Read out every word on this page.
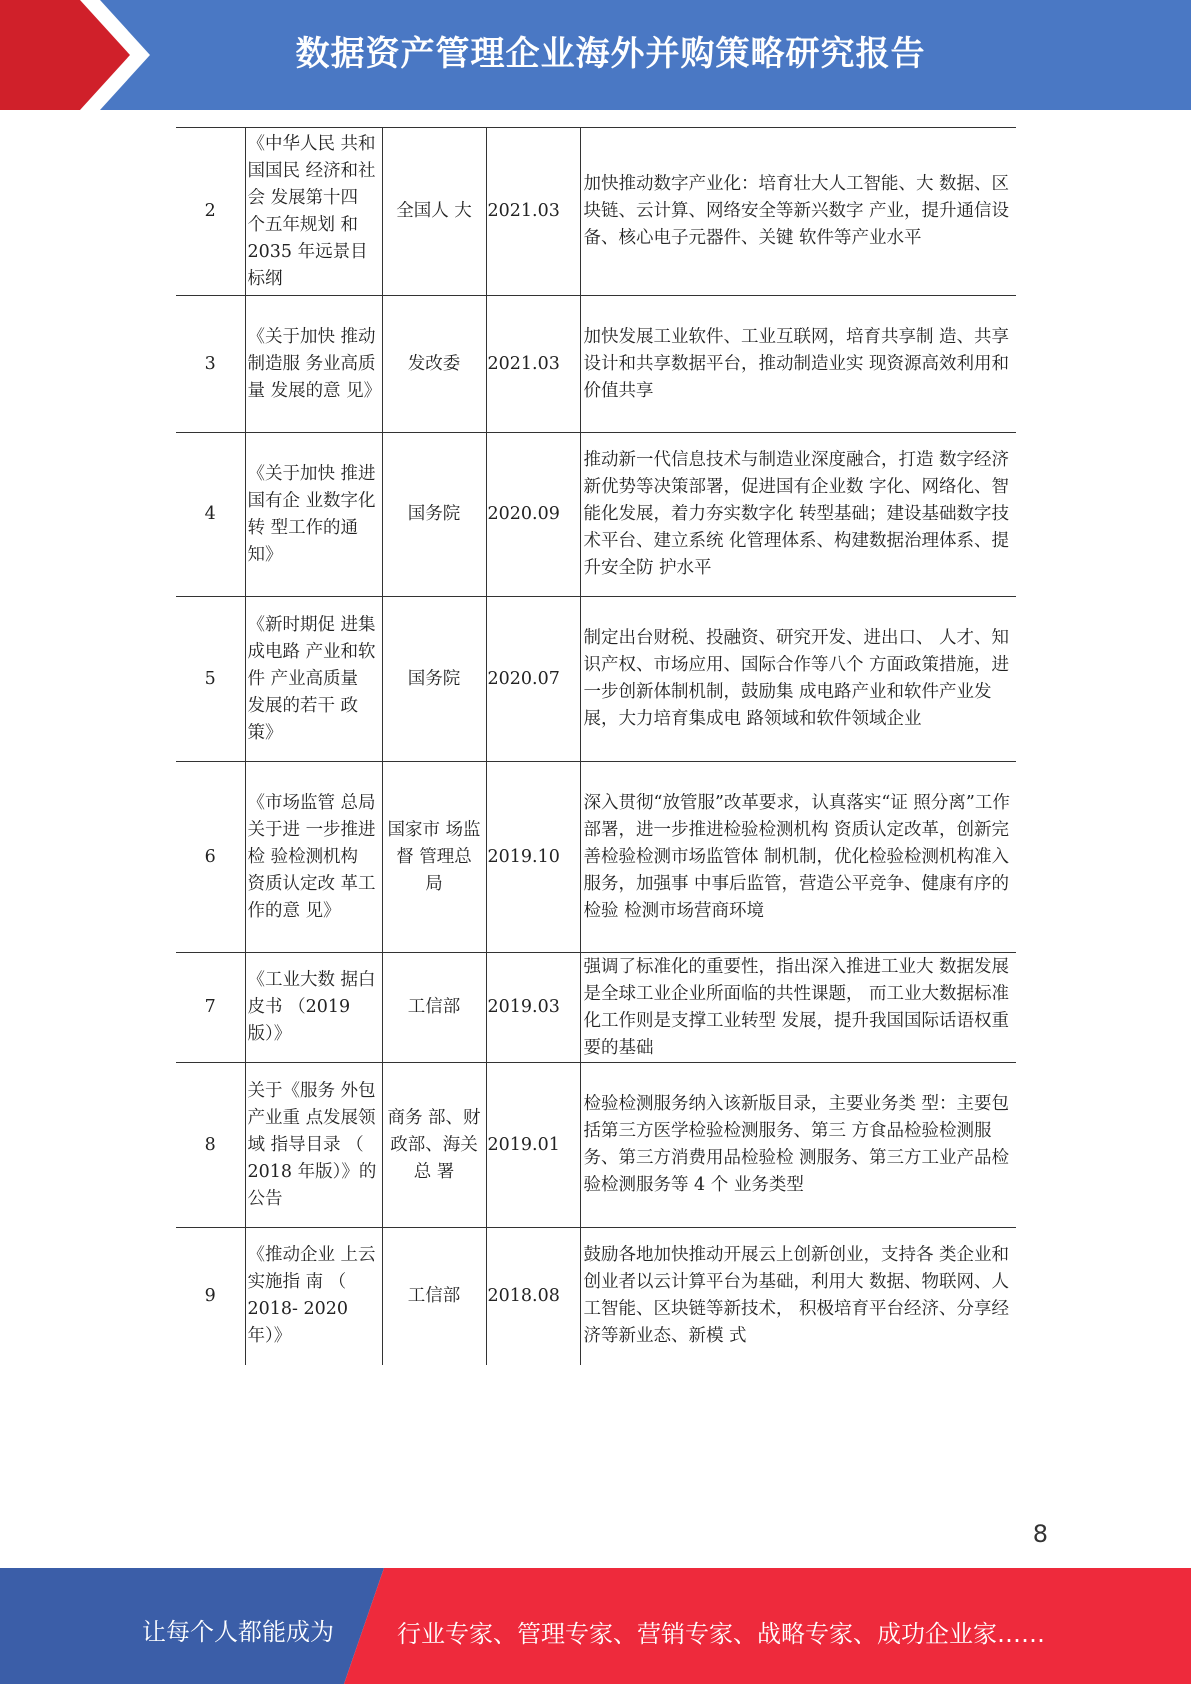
数据资产管理企业海外并购策略研究报告
2	《中华人民 共和国国民 经济和社会 发展第十四 个五年规划 和 2035 年远景目标纲	全国人 大	2021.03	加快推动数字产业化：培育壮大人工智能、大 数据、区块链、云计算、网络安全等新兴数字 产业，提升通信设备、核心电子元器件、关键 软件等产业水平
3	《关于加快 推动制造服 务业高质量 发展的意 见》	发改委	2021.03	加快发展工业软件、工业互联网，培育共享制 造、共享设计和共享数据平台，推动制造业实 现资源高效利用和价值共享
4	《关于加快 推进国有企 业数字化转 型工作的通 知》	国务院	2020.09	推动新一代信息技术与制造业深度融合，打造 数字经济新优势等决策部署，促进国有企业数 字化、网络化、智能化发展，着力夯实数字化 转型基础；建设基础数字技术平台、建立系统 化管理体系、构建数据治理体系、提升安全防 护水平
5	《新时期促 进集成电路 产业和软件 产业高质量 发展的若干 政策》	国务院	2020.07	制定出台财税、投融资、研究开发、进出口、 人才、知识产权、市场应用、国际合作等八个 方面政策措施，进一步创新体制机制，鼓励集 成电路产业和软件产业发展，大力培育集成电 路领域和软件领域企业
6	《市场监管 总局关于进 一步推进检 验检测机构 资质认定改 革工作的意 见》	国家市 场监督 管理总 局	2019.10	深入贯彻“放管服”改革要求，认真落实“证 照分离”工作部署，进一步推进检验检测机构 资质认定改革，创新完善检验检测市场监管体 制机制，优化检验检测机构准入服务，加强事 中事后监管，营造公平竞争、健康有序的检验 检测市场营商环境
7	《工业大数 据白皮书 （2019 版）》	工信部	2019.03	强调了标准化的重要性，指出深入推进工业大 数据发展是全球工业企业所面临的共性课题， 而工业大数据标准化工作则是支撑工业转型 发展，提升我国国际话语权重要的基础
8	关于《服务 外包产业重 点发展领域 指导目录 （ 2018 年版）》的公告	商务 部、财 政部、海关总 署	2019.01	检验检测服务纳入该新版目录，主要业务类 型：主要包括第三方医学检验检测服务、第三 方食品检验检测服务、第三方消费用品检验检 测服务、第三方工业产品检验检测服务等 4 个 业务类型
9	《推动企业 上云实施指 南 （ 2018- 2020 年）》	工信部	2018.08	鼓励各地加快推动开展云上创新创业，支持各 类企业和创业者以云计算平台为基础，利用大 数据、物联网、人工智能、区块链等新技术， 积极培育平台经济、分享经济等新业态、新模 式
8
让每个人都能成为	行业专家、管理专家、营销专家、战略专家、成功企业家……
